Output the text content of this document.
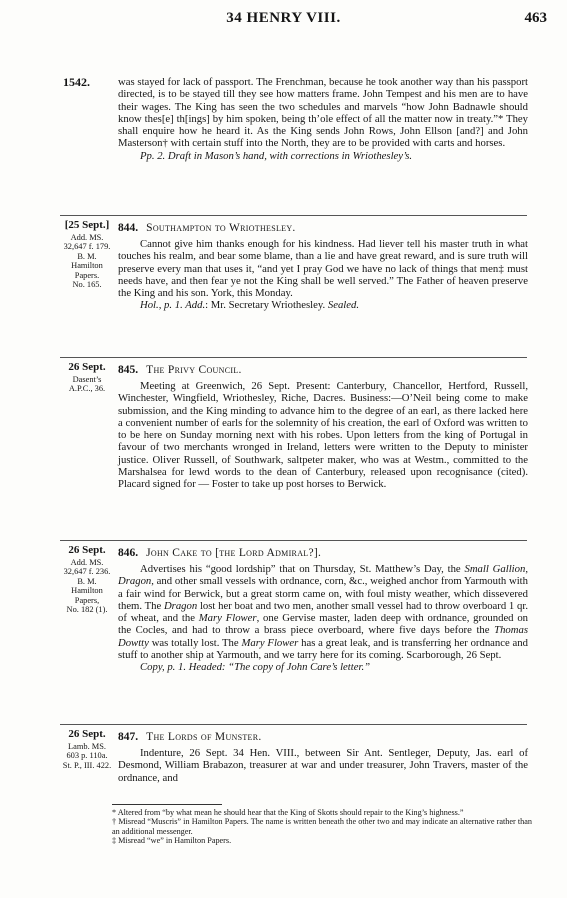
34 HENRY VIII.	463
1542.	was stayed for lack of passport. The Frenchman, because he took another way than his passport directed, is to be stayed till they see how matters frame. John Tempest and his men are to have their wages. The King has seen the two schedules and marvels “how John Badnawle should know thes[e] th[ings] by him spoken, being th’ole effect of all the matter now in treaty.”* They shall enquire how he heard it. As the King sends John Rows, John Ellson [and?] and John Masterson† with certain stuff into the North, they are to be provided with carts and horses.

Pp. 2. Draft in Mason’s hand, with corrections in Wriothesley’s.

[25 Sept.]
Add. MS.
32,647 f. 179.
B. M.
Hamilton
Papers.
No. 165.

844. Southampton to Wriothesley.

Cannot give him thanks enough for his kindness. Had liever tell his master truth in what touches his realm, and bear some blame, than a lie and have great reward, and is sure truth will preserve every man that uses it, “and yet I pray God we have no lack of things that men‡ must needs have, and then fear ye not the King shall be well served.” The Father of heaven preserve the King and his son. York, this Monday.

Hol., p. 1. Add.: Mr. Secretary Wriothesley. Sealed.

26 Sept.
Dasent’s
A.P.C., 36.

845. The Privy Council.

Meeting at Greenwich, 26 Sept. Present: Canterbury, Chancellor, Hertford, Russell, Winchester, Wingfield, Wriothesley, Riche, Dacres. Business:—O’Neil being come to make submission, and the King minding to advance him to the degree of an earl, as there lacked here a convenient number of earls for the solemnity of his creation, the earl of Oxford was written to to be here on Sunday morning next with his robes. Upon letters from the king of Portugal in favour of two merchants wronged in Ireland, letters were written to the Deputy to minister justice. Oliver Russell, of Southwark, saltpeter maker, who was at Westm., committed to the Marshalsea for lewd words to the dean of Canterbury, released upon recognisance (cited). Placard signed for — Foster to take up post horses to Berwick.

26 Sept.
Add. MS.
32,647 f. 236.
B. M.
Hamilton
Papers,
No. 182 (1).

846. John Cake to [the Lord Admiral?].

Advertises his “good lordship” that on Thursday, St. Matthew’s Day, the Small Gallion, Dragon, and other small vessels with ordnance, corn, &c., weighed anchor from Yarmouth with a fair wind for Berwick, but a great storm came on, with foul misty weather, which dissevered them. The Dragon lost her boat and two men, another small vessel had to throw overboard 1 qr. of wheat, and the Mary Flower, one Gervise master, laden deep with ordnance, grounded on the Cocles, and had to throw a brass piece overboard, where five days before the Thomas Dowtty was totally lost. The Mary Flower has a great leak, and is transferring her ordnance and stuff to another ship at Yarmouth, and we tarry here for its coming. Scarborough, 26 Sept.

Copy, p. 1. Headed: “The copy of John Care’s letter.”

26 Sept.
Lamb. MS.
603 p. 110a.
St. P., III. 422.

847. The Lords of Munster.

Indenture, 26 Sept. 34 Hen. VIII., between Sir Ant. Sentleger, Deputy, Jas. earl of Desmond, William Brabazon, treasurer at war and under treasurer, John Travers, master of the ordnance, and

* Altered from “by what mean he should hear that the King of Skotts should repair to the King’s highness.”

† Misread “Muscris” in Hamilton Papers. The name is written beneath the other two and may indicate an alternative rather than an additional messenger.

‡ Misread “we” in Hamilton Papers.
